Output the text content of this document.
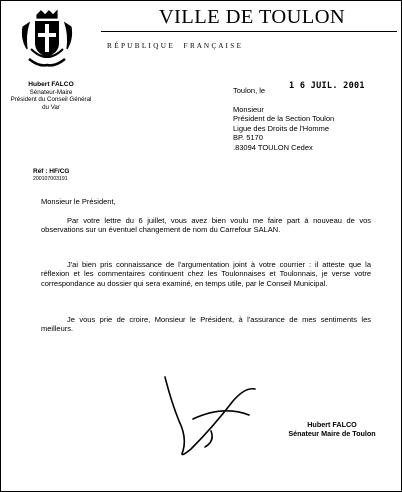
Hubert FALCO
Sénateur-Maire
Président du Conseil Général
du Var
VILLE DE TOULON
R É P U B L I Q U E     F R A N Ç A I S E
Toulon, le	1 6 JUIL. 2001
Monsieur
Président de la Section Toulon
Ligue des Droits de l'Homme
BP. 5170
.83094 TOULON Cedex
Réf : HF/CG
200107003191
Monsieur le Président,

Par votre lettre du 6 juillet, vous avez bien voulu me faire part à nouveau de vos observations sur un éventuel changement de nom du Carrefour SALAN.

J'ai bien pris connaissance de l'argumentation joint à votre courrier : il atteste que la réflexion et les commentaires continuent chez les Toulonnaises et Toulonnais, je verse votre correspondance au dossier qui sera examiné, en temps utile, par le Conseil Municipal.

Je vous prie de croire, Monsieur le Président, à l'assurance de mes sentiments les meilleurs.

Hubert FALCO
Sénateur Maire de Toulon
